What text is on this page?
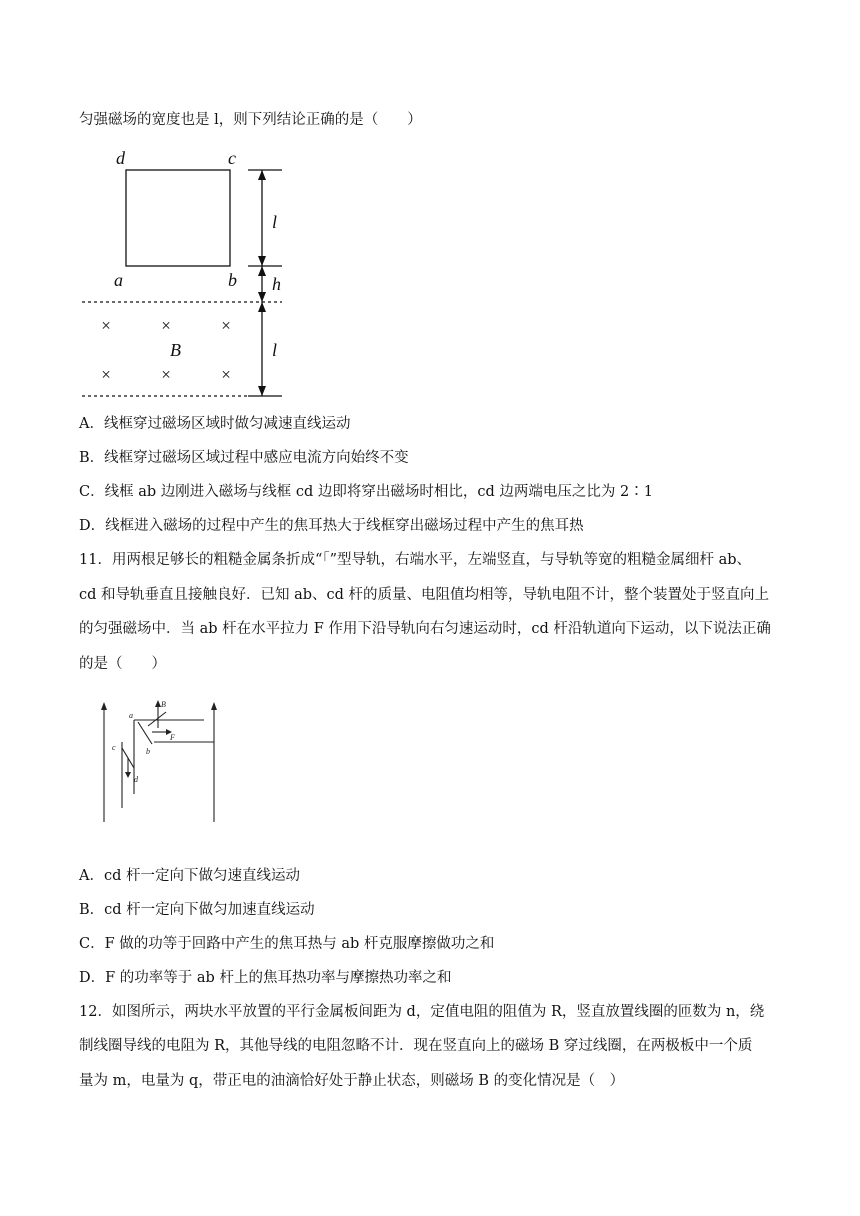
匀强磁场的宽度也是 l，则下列结论正确的是（　　）
d	c
a	b
l
h
l
B
×	×	×
×	×	×
A．线框穿过磁场区域时做匀减速直线运动
B．线框穿过磁场区域过程中感应电流方向始终不变
C．线框 ab 边刚进入磁场与线框 cd 边即将穿出磁场时相比，cd 边两端电压之比为 2∶1
D．线框进入磁场的过程中产生的焦耳热大于线框穿出磁场过程中产生的焦耳热
11．用两根足够长的粗糙金属条折成“「”型导轨，右端水平，左端竖直，与导轨等宽的粗糙金属细杆 ab、
cd 和导轨垂直且接触良好．已知 ab、cd 杆的质量、电阻值均相等，导轨电阻不计，整个装置处于竖直向上
的匀强磁场中．当 ab 杆在水平拉力 F 作用下沿导轨向右匀速运动时，cd 杆沿轨道向下运动，以下说法正确
的是（　　）
B
a
b
c
d
F
A．cd 杆一定向下做匀速直线运动
B．cd 杆一定向下做匀加速直线运动
C．F 做的功等于回路中产生的焦耳热与 ab 杆克服摩擦做功之和
D．F 的功率等于 ab 杆上的焦耳热功率与摩擦热功率之和
12．如图所示，两块水平放置的平行金属板间距为 d，定值电阻的阻值为 R，竖直放置线圈的匝数为 n，绕
制线圈导线的电阻为 R，其他导线的电阻忽略不计．现在竖直向上的磁场 B 穿过线圈，在两极板中一个质
量为 m，电量为 q，带正电的油滴恰好处于静止状态，则磁场 B 的变化情况是（　）
